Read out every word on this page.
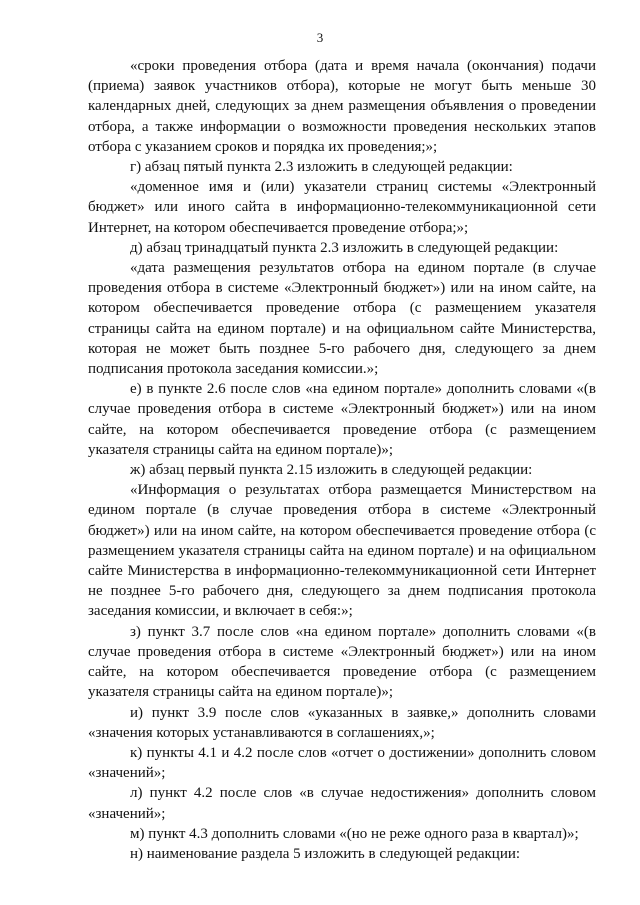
3

«сроки проведения отбора (дата и время начала (окончания) подачи (приема) заявок участников отбора), которые не могут быть меньше 30 календарных дней, следующих за днем размещения объявления о проведении отбора, а также информации о возможности проведения нескольких этапов отбора с указанием сроков и порядка их проведения;»;

г) абзац пятый пункта 2.3 изложить в следующей редакции:

«доменное имя и (или) указатели страниц системы «Электронный бюджет» или иного сайта в информационно-телекоммуникационной сети Интернет, на котором обеспечивается проведение отбора;»;

д) абзац тринадцатый пункта 2.3 изложить в следующей редакции:

«дата размещения результатов отбора на едином портале (в случае проведения отбора в системе «Электронный бюджет») или на ином сайте, на котором обеспечивается проведение отбора (с размещением указателя страницы сайта на едином портале) и на официальном сайте Министерства, которая не может быть позднее 5-го рабочего дня, следующего за днем подписания протокола заседания комиссии.»;

е) в пункте 2.6 после слов «на едином портале» дополнить словами «(в случае проведения отбора в системе «Электронный бюджет») или на ином сайте, на котором обеспечивается проведение отбора (с размещением указателя страницы сайта на едином портале)»;

ж) абзац первый пункта 2.15 изложить в следующей редакции:

«Информация о результатах отбора размещается Министерством на едином портале (в случае проведения отбора в системе «Электронный бюджет») или на ином сайте, на котором обеспечивается проведение отбора (с размещением указателя страницы сайта на едином портале) и на официальном сайте Министерства в информационно-телекоммуникационной сети Интернет не позднее 5-го рабочего дня, следующего за днем подписания протокола заседания комиссии, и включает в себя:»;

з) пункт 3.7 после слов «на едином портале» дополнить словами «(в случае проведения отбора в системе «Электронный бюджет») или на ином сайте, на котором обеспечивается проведение отбора (с размещением указателя страницы сайта на едином портале)»;

и) пункт 3.9 после слов «указанных в заявке,» дополнить словами «значения которых устанавливаются в соглашениях,»;

к) пункты 4.1 и 4.2 после слов «отчет о достижении» дополнить словом «значений»;

л) пункт 4.2 после слов «в случае недостижения» дополнить словом «значений»;

м) пункт 4.3 дополнить словами «(но не реже одного раза в квартал)»;

н) наименование раздела 5 изложить в следующей редакции:
